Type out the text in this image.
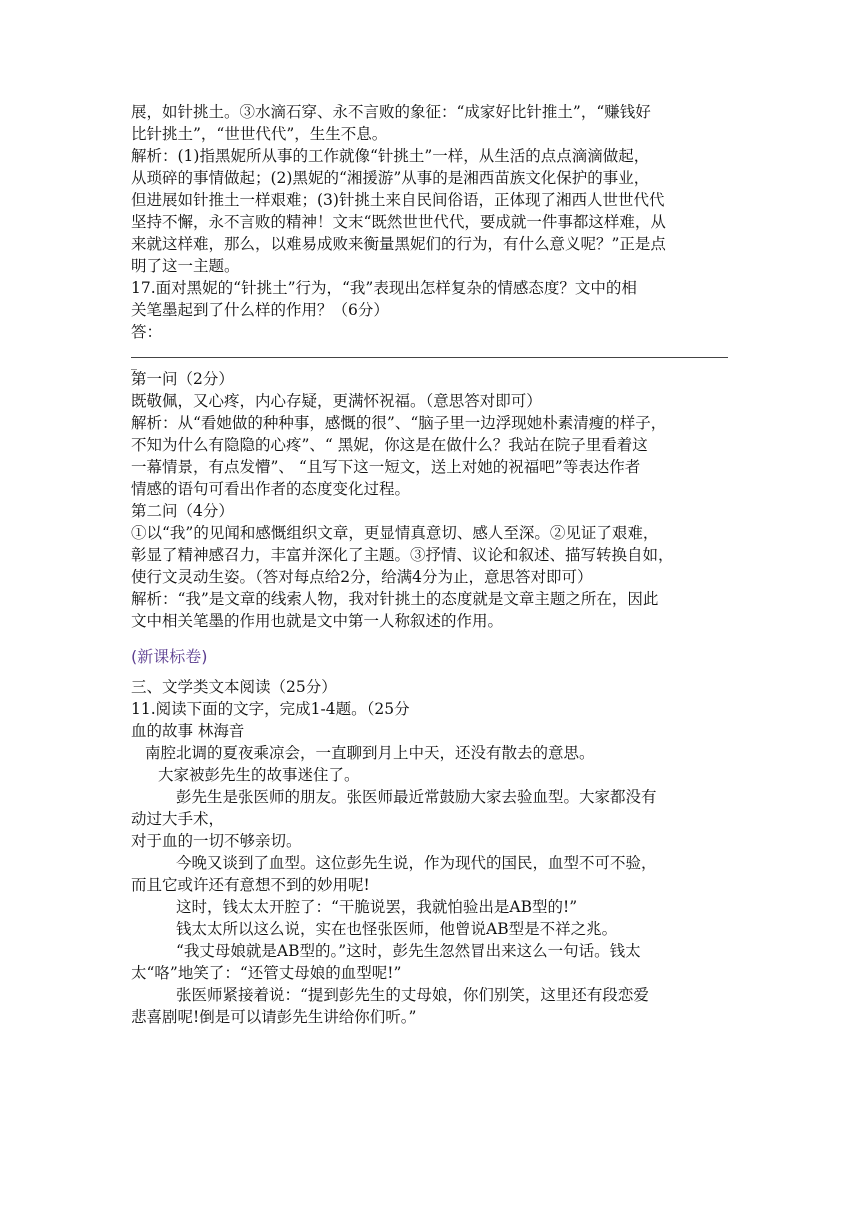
展，如针挑土。③水滴石穿、永不言败的象征：“成家好比针推土”，“赚钱好
比针挑土”，“世世代代”，生生不息。
解析：(1)指黑妮所从事的工作就像“针挑土”一样，从生活的点点滴滴做起，
从琐碎的事情做起；(2)黑妮的“湘援游”从事的是湘西苗族文化保护的事业，
但进展如针推土一样艰难；(3)针挑土来自民间俗语，正体现了湘西人世世代代
坚持不懈，永不言败的精神！文末“既然世世代代，要成就一件事都这样难，从
来就这样难，那么，以难易成败来衡量黑妮们的行为，有什么意义呢？”正是点
明了这一主题。
17.面对黑妮的“针挑土”行为，“我”表现出怎样复杂的情感态度？文中的相
关笔墨起到了什么样的作用？（6分）
答：
_
第一问（2分）
既敬佩，又心疼，内心存疑，更满怀祝福。（意思答对即可）
解析：从“看她做的种种事，感慨的很”、“脑子里一边浮现她朴素清瘦的样子，
不知为什么有隐隐的心疼”、“ 黑妮，你这是在做什么？我站在院子里看着这
一幕情景，有点发懵”、 “且写下这一短文，送上对她的祝福吧”等表达作者
情感的语句可看出作者的态度变化过程。
第二问（4分）
①以“我”的见闻和感慨组织文章，更显情真意切、感人至深。②见证了艰难，
彰显了精神感召力，丰富并深化了主题。③抒情、议论和叙述、描写转换自如，
使行文灵动生姿。（答对每点给2分，给满4分为止，意思答对即可）
解析：“我”是文章的线索人物，我对针挑土的态度就是文章主题之所在，因此
文中相关笔墨的作用也就是文中第一人称叙述的作用。
(新课标卷)
三、文学类文本阅读（25分）
11.阅读下面的文字，完成1-4题。（25分
血的故事 林海音
南腔北调的夏夜乘凉会，一直聊到月上中天，还没有散去的意思。
大家被彭先生的故事迷住了。
彭先生是张医师的朋友。张医师最近常鼓励大家去验血型。大家都没有
动过大手术，
对于血的一切不够亲切。
今晚又谈到了血型。这位彭先生说，作为现代的国民，血型不可不验，
而且它或许还有意想不到的妙用呢!
这时，钱太太开腔了：“干脆说罢，我就怕验出是AB型的!”
钱太太所以这么说，实在也怪张医师，他曾说AB型是不祥之兆。
“我丈母娘就是AB型的。”这时，彭先生忽然冒出来这么一句话。钱太
太“咯”地笑了：“还管丈母娘的血型呢!”
张医师紧接着说：“提到彭先生的丈母娘，你们别笑，这里还有段恋爱
悲喜剧呢!倒是可以请彭先生讲给你们听。”
